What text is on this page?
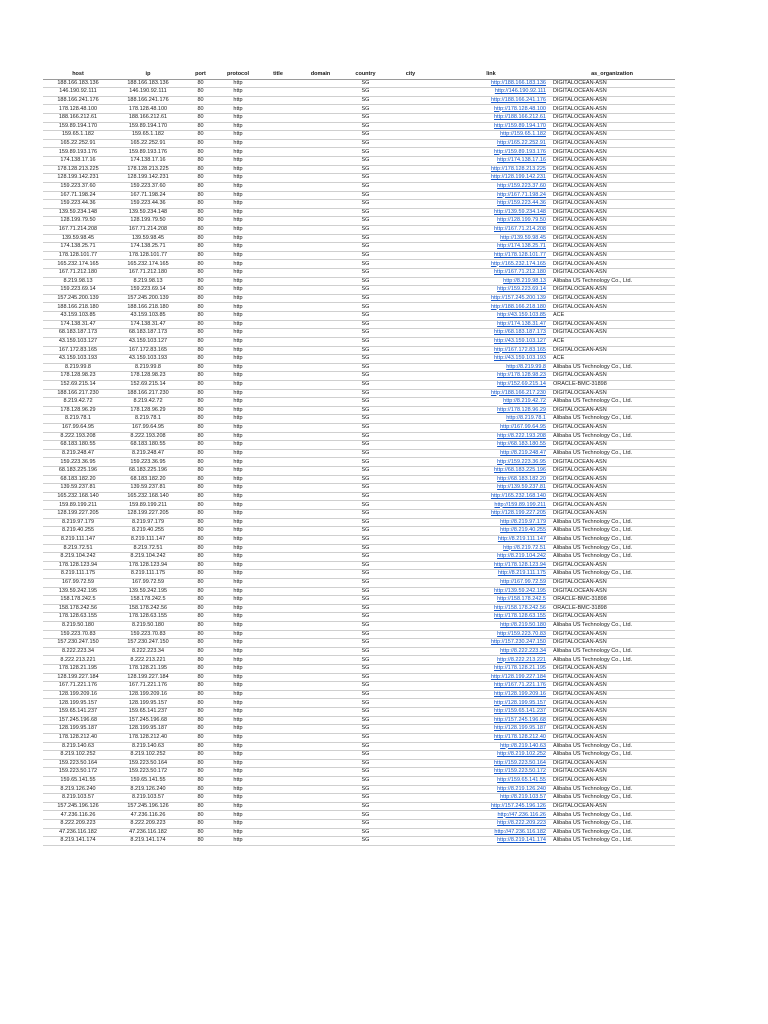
host	ip	port	protocol	title	domain	country	city	link	as_organization
188.166.183.136	188.166.183.136	80	http			SG		http://188.166.183.136	DIGITALOCEAN-ASN
146.190.92.111	146.190.92.111	80	http			SG		http://146.190.92.111	DIGITALOCEAN-ASN
188.166.241.176	188.166.241.176	80	http			SG		http://188.166.241.176	DIGITALOCEAN-ASN
178.128.48.100	178.128.48.100	80	http			SG		http://178.128.48.100	DIGITALOCEAN-ASN
188.166.212.61	188.166.212.61	80	http			SG		http://188.166.212.61	DIGITALOCEAN-ASN
159.89.194.170	159.89.194.170	80	http			SG		http://159.89.194.170	DIGITALOCEAN-ASN
159.65.1.182	159.65.1.182	80	http			SG		http://159.65.1.182	DIGITALOCEAN-ASN
165.22.252.91	165.22.252.91	80	http			SG		http://165.22.252.91	DIGITALOCEAN-ASN
159.89.193.176	159.89.193.176	80	http			SG		http://159.89.193.176	DIGITALOCEAN-ASN
174.138.17.16	174.138.17.16	80	http			SG		http://174.138.17.16	DIGITALOCEAN-ASN
178.128.213.225	178.128.213.225	80	http			SG		http://178.128.213.225	DIGITALOCEAN-ASN
128.199.142.231	128.199.142.231	80	http			SG		http://128.199.142.231	DIGITALOCEAN-ASN
159.223.37.60	159.223.37.60	80	http			SG		http://159.223.37.60	DIGITALOCEAN-ASN
167.71.198.24	167.71.198.24	80	http			SG		http://167.71.198.24	DIGITALOCEAN-ASN
159.223.44.36	159.223.44.36	80	http			SG		http://159.223.44.36	DIGITALOCEAN-ASN
139.59.234.148	139.59.234.148	80	http			SG		http://139.59.234.148	DIGITALOCEAN-ASN
128.199.79.50	128.199.79.50	80	http			SG		http://128.199.79.50	DIGITALOCEAN-ASN
167.71.214.208	167.71.214.208	80	http			SG		http://167.71.214.208	DIGITALOCEAN-ASN
139.59.98.45	139.59.98.45	80	http			SG		http://139.59.98.45	DIGITALOCEAN-ASN
174.138.25.71	174.138.25.71	80	http			SG		http://174.138.25.71	DIGITALOCEAN-ASN
178.128.101.77	178.128.101.77	80	http			SG		http://178.128.101.77	DIGITALOCEAN-ASN
165.232.174.165	165.232.174.165	80	http			SG		http://165.232.174.165	DIGITALOCEAN-ASN
167.71.212.180	167.71.212.180	80	http			SG		http://167.71.212.180	DIGITALOCEAN-ASN
8.219.98.13	8.219.98.13	80	http			SG		http://8.219.98.13	Alibaba US Technology Co., Ltd.
159.223.69.14	159.223.69.14	80	http			SG		http://159.223.69.14	DIGITALOCEAN-ASN
157.245.200.139	157.245.200.139	80	http			SG		http://157.245.200.139	DIGITALOCEAN-ASN
188.166.218.180	188.166.218.180	80	http			SG		http://188.166.218.180	DIGITALOCEAN-ASN
43.159.103.85	43.159.103.85	80	http			SG		http://43.159.103.85	ACE
174.138.31.47	174.138.31.47	80	http			SG		http://174.138.31.47	DIGITALOCEAN-ASN
68.183.187.173	68.183.187.173	80	http			SG		http://68.183.187.173	DIGITALOCEAN-ASN
43.159.103.127	43.159.103.127	80	http			SG		http://43.159.103.127	ACE
167.172.83.165	167.172.83.165	80	http			SG		http://167.172.83.165	DIGITALOCEAN-ASN
43.159.103.193	43.159.103.193	80	http			SG		http://43.159.103.193	ACE
8.219.99.8	8.219.99.8	80	http			SG		http://8.219.99.8	Alibaba US Technology Co., Ltd.
178.128.98.23	178.128.98.23	80	http			SG		http://178.128.98.23	DIGITALOCEAN-ASN
152.69.215.14	152.69.215.14	80	http			SG		http://152.69.215.14	ORACLE-BMC-31898
188.166.217.230	188.166.217.230	80	http			SG		http://188.166.217.230	DIGITALOCEAN-ASN
8.219.42.72	8.219.42.72	80	http			SG		http://8.219.42.72	Alibaba US Technology Co., Ltd.
178.128.96.29	178.128.96.29	80	http			SG		http://178.128.96.29	DIGITALOCEAN-ASN
8.219.78.1	8.219.78.1	80	http			SG		http://8.219.78.1	Alibaba US Technology Co., Ltd.
167.99.64.95	167.99.64.95	80	http			SG		http://167.99.64.95	DIGITALOCEAN-ASN
8.222.193.208	8.222.193.208	80	http			SG		http://8.222.193.208	Alibaba US Technology Co., Ltd.
68.183.180.55	68.183.180.55	80	http			SG		http://68.183.180.55	DIGITALOCEAN-ASN
8.219.248.47	8.219.248.47	80	http			SG		http://8.219.248.47	Alibaba US Technology Co., Ltd.
159.223.36.95	159.223.36.95	80	http			SG		http://159.223.36.95	DIGITALOCEAN-ASN
68.183.225.196	68.183.225.196	80	http			SG		http://68.183.225.196	DIGITALOCEAN-ASN
68.183.182.20	68.183.182.20	80	http			SG		http://68.183.182.20	DIGITALOCEAN-ASN
139.59.237.81	139.59.237.81	80	http			SG		http://139.59.237.81	DIGITALOCEAN-ASN
165.232.168.140	165.232.168.140	80	http			SG		http://165.232.168.140	DIGITALOCEAN-ASN
159.89.199.211	159.89.199.211	80	http			SG		http://159.89.199.211	DIGITALOCEAN-ASN
128.199.227.205	128.199.227.205	80	http			SG		http://128.199.227.205	DIGITALOCEAN-ASN
8.219.97.179	8.219.97.179	80	http			SG		http://8.219.97.179	Alibaba US Technology Co., Ltd.
8.219.40.255	8.219.40.255	80	http			SG		http://8.219.40.255	Alibaba US Technology Co., Ltd.
8.219.111.147	8.219.111.147	80	http			SG		http://8.219.111.147	Alibaba US Technology Co., Ltd.
8.219.72.51	8.219.72.51	80	http			SG		http://8.219.72.51	Alibaba US Technology Co., Ltd.
8.219.104.242	8.219.104.242	80	http			SG		http://8.219.104.242	Alibaba US Technology Co., Ltd.
178.128.123.94	178.128.123.94	80	http			SG		http://178.128.123.94	DIGITALOCEAN-ASN
8.219.111.175	8.219.111.175	80	http			SG		http://8.219.111.175	Alibaba US Technology Co., Ltd.
167.99.72.59	167.99.72.59	80	http			SG		http://167.99.72.59	DIGITALOCEAN-ASN
139.59.242.195	139.59.242.195	80	http			SG		http://139.59.242.195	DIGITALOCEAN-ASN
158.178.242.5	158.178.242.5	80	http			SG		http://158.178.242.5	ORACLE-BMC-31898
158.178.242.56	158.178.242.56	80	http			SG		http://158.178.242.56	ORACLE-BMC-31898
178.128.63.155	178.128.63.155	80	http			SG		http://178.128.63.155	DIGITALOCEAN-ASN
8.219.50.180	8.219.50.180	80	http			SG		http://8.219.50.180	Alibaba US Technology Co., Ltd.
159.223.70.83	159.223.70.83	80	http			SG		http://159.223.70.83	DIGITALOCEAN-ASN
157.230.247.150	157.230.247.150	80	http			SG		http://157.230.247.150	DIGITALOCEAN-ASN
8.222.223.34	8.222.223.34	80	http			SG		http://8.222.223.34	Alibaba US Technology Co., Ltd.
8.222.213.221	8.222.213.221	80	http			SG		http://8.222.213.221	Alibaba US Technology Co., Ltd.
178.128.21.195	178.128.21.195	80	http			SG		http://178.128.21.195	DIGITALOCEAN-ASN
128.199.227.184	128.199.227.184	80	http			SG		http://128.199.227.184	DIGITALOCEAN-ASN
167.71.221.176	167.71.221.176	80	http			SG		http://167.71.221.176	DIGITALOCEAN-ASN
128.199.209.16	128.199.209.16	80	http			SG		http://128.199.209.16	DIGITALOCEAN-ASN
128.199.95.157	128.199.95.157	80	http			SG		http://128.199.95.157	DIGITALOCEAN-ASN
159.65.141.237	159.65.141.237	80	http			SG		http://159.65.141.237	DIGITALOCEAN-ASN
157.245.196.68	157.245.196.68	80	http			SG		http://157.245.196.68	DIGITALOCEAN-ASN
128.199.95.187	128.199.95.187	80	http			SG		http://128.199.95.187	DIGITALOCEAN-ASN
178.128.212.40	178.128.212.40	80	http			SG		http://178.128.212.40	DIGITALOCEAN-ASN
8.219.140.63	8.219.140.63	80	http			SG		http://8.219.140.63	Alibaba US Technology Co., Ltd.
8.219.102.252	8.219.102.252	80	http			SG		http://8.219.102.252	Alibaba US Technology Co., Ltd.
159.223.50.164	159.223.50.164	80	http			SG		http://159.223.50.164	DIGITALOCEAN-ASN
159.223.50.172	159.223.50.172	80	http			SG		http://159.223.50.172	DIGITALOCEAN-ASN
159.65.141.55	159.65.141.55	80	http			SG		http://159.65.141.55	DIGITALOCEAN-ASN
8.219.126.240	8.219.126.240	80	http			SG		http://8.219.126.240	Alibaba US Technology Co., Ltd.
8.219.103.57	8.219.103.57	80	http			SG		http://8.219.103.57	Alibaba US Technology Co., Ltd.
157.245.196.126	157.245.196.126	80	http			SG		http://157.245.196.126	DIGITALOCEAN-ASN
47.236.116.26	47.236.116.26	80	http			SG		http://47.236.116.26	Alibaba US Technology Co., Ltd.
8.222.209.223	8.222.209.223	80	http			SG		http://8.222.209.223	Alibaba US Technology Co., Ltd.
47.236.116.182	47.236.116.182	80	http			SG		http://47.236.116.182	Alibaba US Technology Co., Ltd.
8.219.141.174	8.219.141.174	80	http			SG		http://8.219.141.174	Alibaba US Technology Co., Ltd.
